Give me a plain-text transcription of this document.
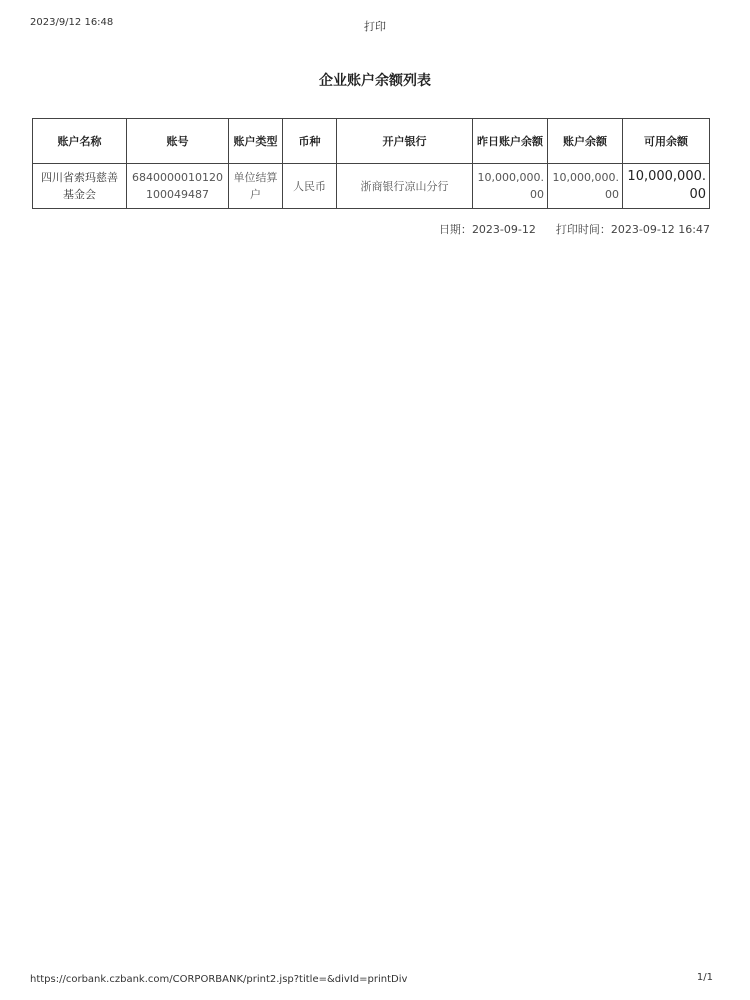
2023/9/12 16:48	打印
企业账户余额列表
账户名称	账号	账户类型	币种	开户银行	昨日账户余额	账户余额	可用余额
四川省索玛慈善基金会	6840000010120100049487	单位结算户	人民币	浙商银行凉山分行	10,000,000.00	10,000,000.00	10,000,000.00
日期：2023-09-12 打印时间：2023-09-12 16:47
https://corbank.czbank.com/CORPORBANK/print2.jsp?title=&divId=printDiv	1/1
